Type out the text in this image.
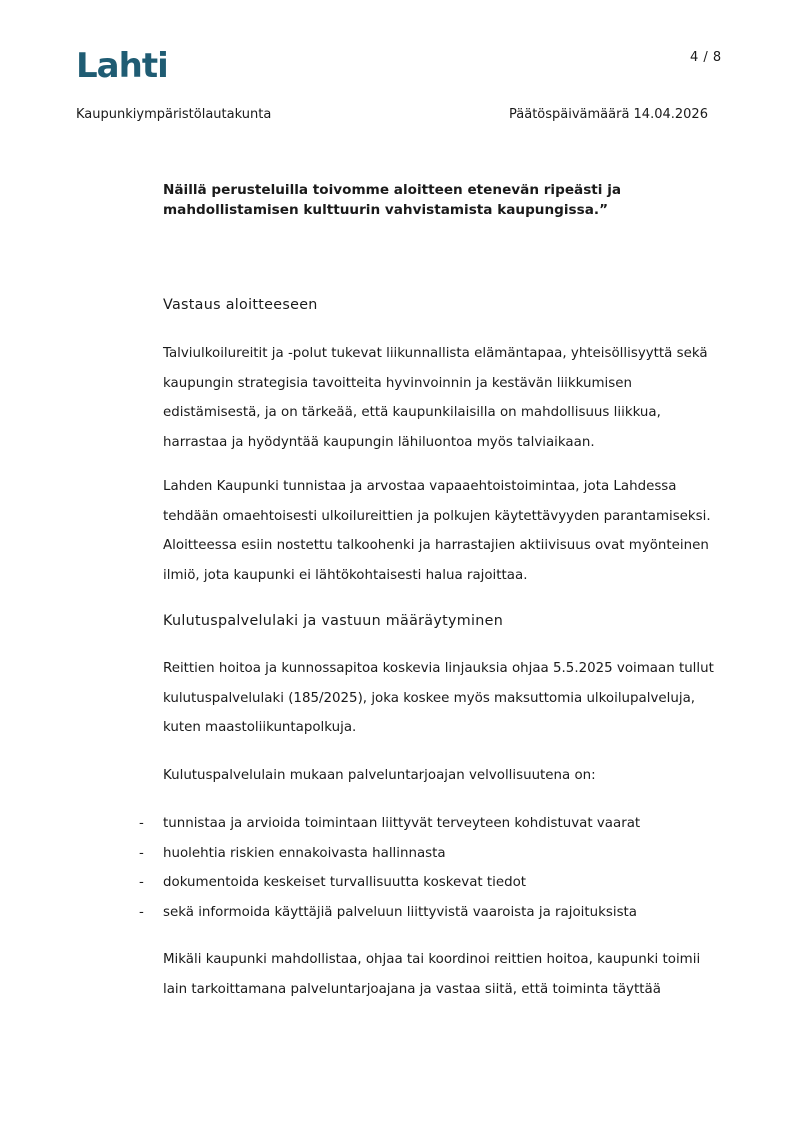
Lahti	4 / 8
Kaupunkiympäristölautakunta	Päätöspäivämäärä 14.04.2026

Näillä perusteluilla toivomme aloitteen etenevän ripeästi ja mahdollistamisen kulttuurin vahvistamista kaupungissa.”

Vastaus aloitteeseen

Talviulkoilureitit ja -polut tukevat liikunnallista elämäntapaa, yhteisöllisyyttä sekä kaupungin strategisia tavoitteita hyvinvoinnin ja kestävän liikkumisen edistämisestä, ja on tärkeää, että kaupunkilaisilla on mahdollisuus liikkua, harrastaa ja hyödyntää kaupungin lähiluontoa myös talviaikaan.

Lahden Kaupunki tunnistaa ja arvostaa vapaaehtoistoimintaa, jota Lahdessa tehdään omaehtoisesti ulkoilureittien ja polkujen käytettävyyden parantamiseksi. Aloitteessa esiin nostettu talkoohenki ja harrastajien aktiivisuus ovat myönteinen ilmiö, jota kaupunki ei lähtökohtaisesti halua rajoittaa.

Kulutuspalvelulaki ja vastuun määräytyminen

Reittien hoitoa ja kunnossapitoa koskevia linjauksia ohjaa 5.5.2025 voimaan tullut kulutuspalvelulaki (185/2025), joka koskee myös maksuttomia ulkoilupalveluja, kuten maastoliikuntapolkuja.

Kulutuspalvelulain mukaan palveluntarjoajan velvollisuutena on:

- tunnistaa ja arvioida toimintaan liittyvät terveyteen kohdistuvat vaarat
- huolehtia riskien ennakoivasta hallinnasta
- dokumentoida keskeiset turvallisuutta koskevat tiedot
- sekä informoida käyttäjiä palveluun liittyvistä vaaroista ja rajoituksista

Mikäli kaupunki mahdollistaa, ohjaa tai koordinoi reittien hoitoa, kaupunki toimii lain tarkoittamana palveluntarjoajana ja vastaa siitä, että toiminta täyttää
